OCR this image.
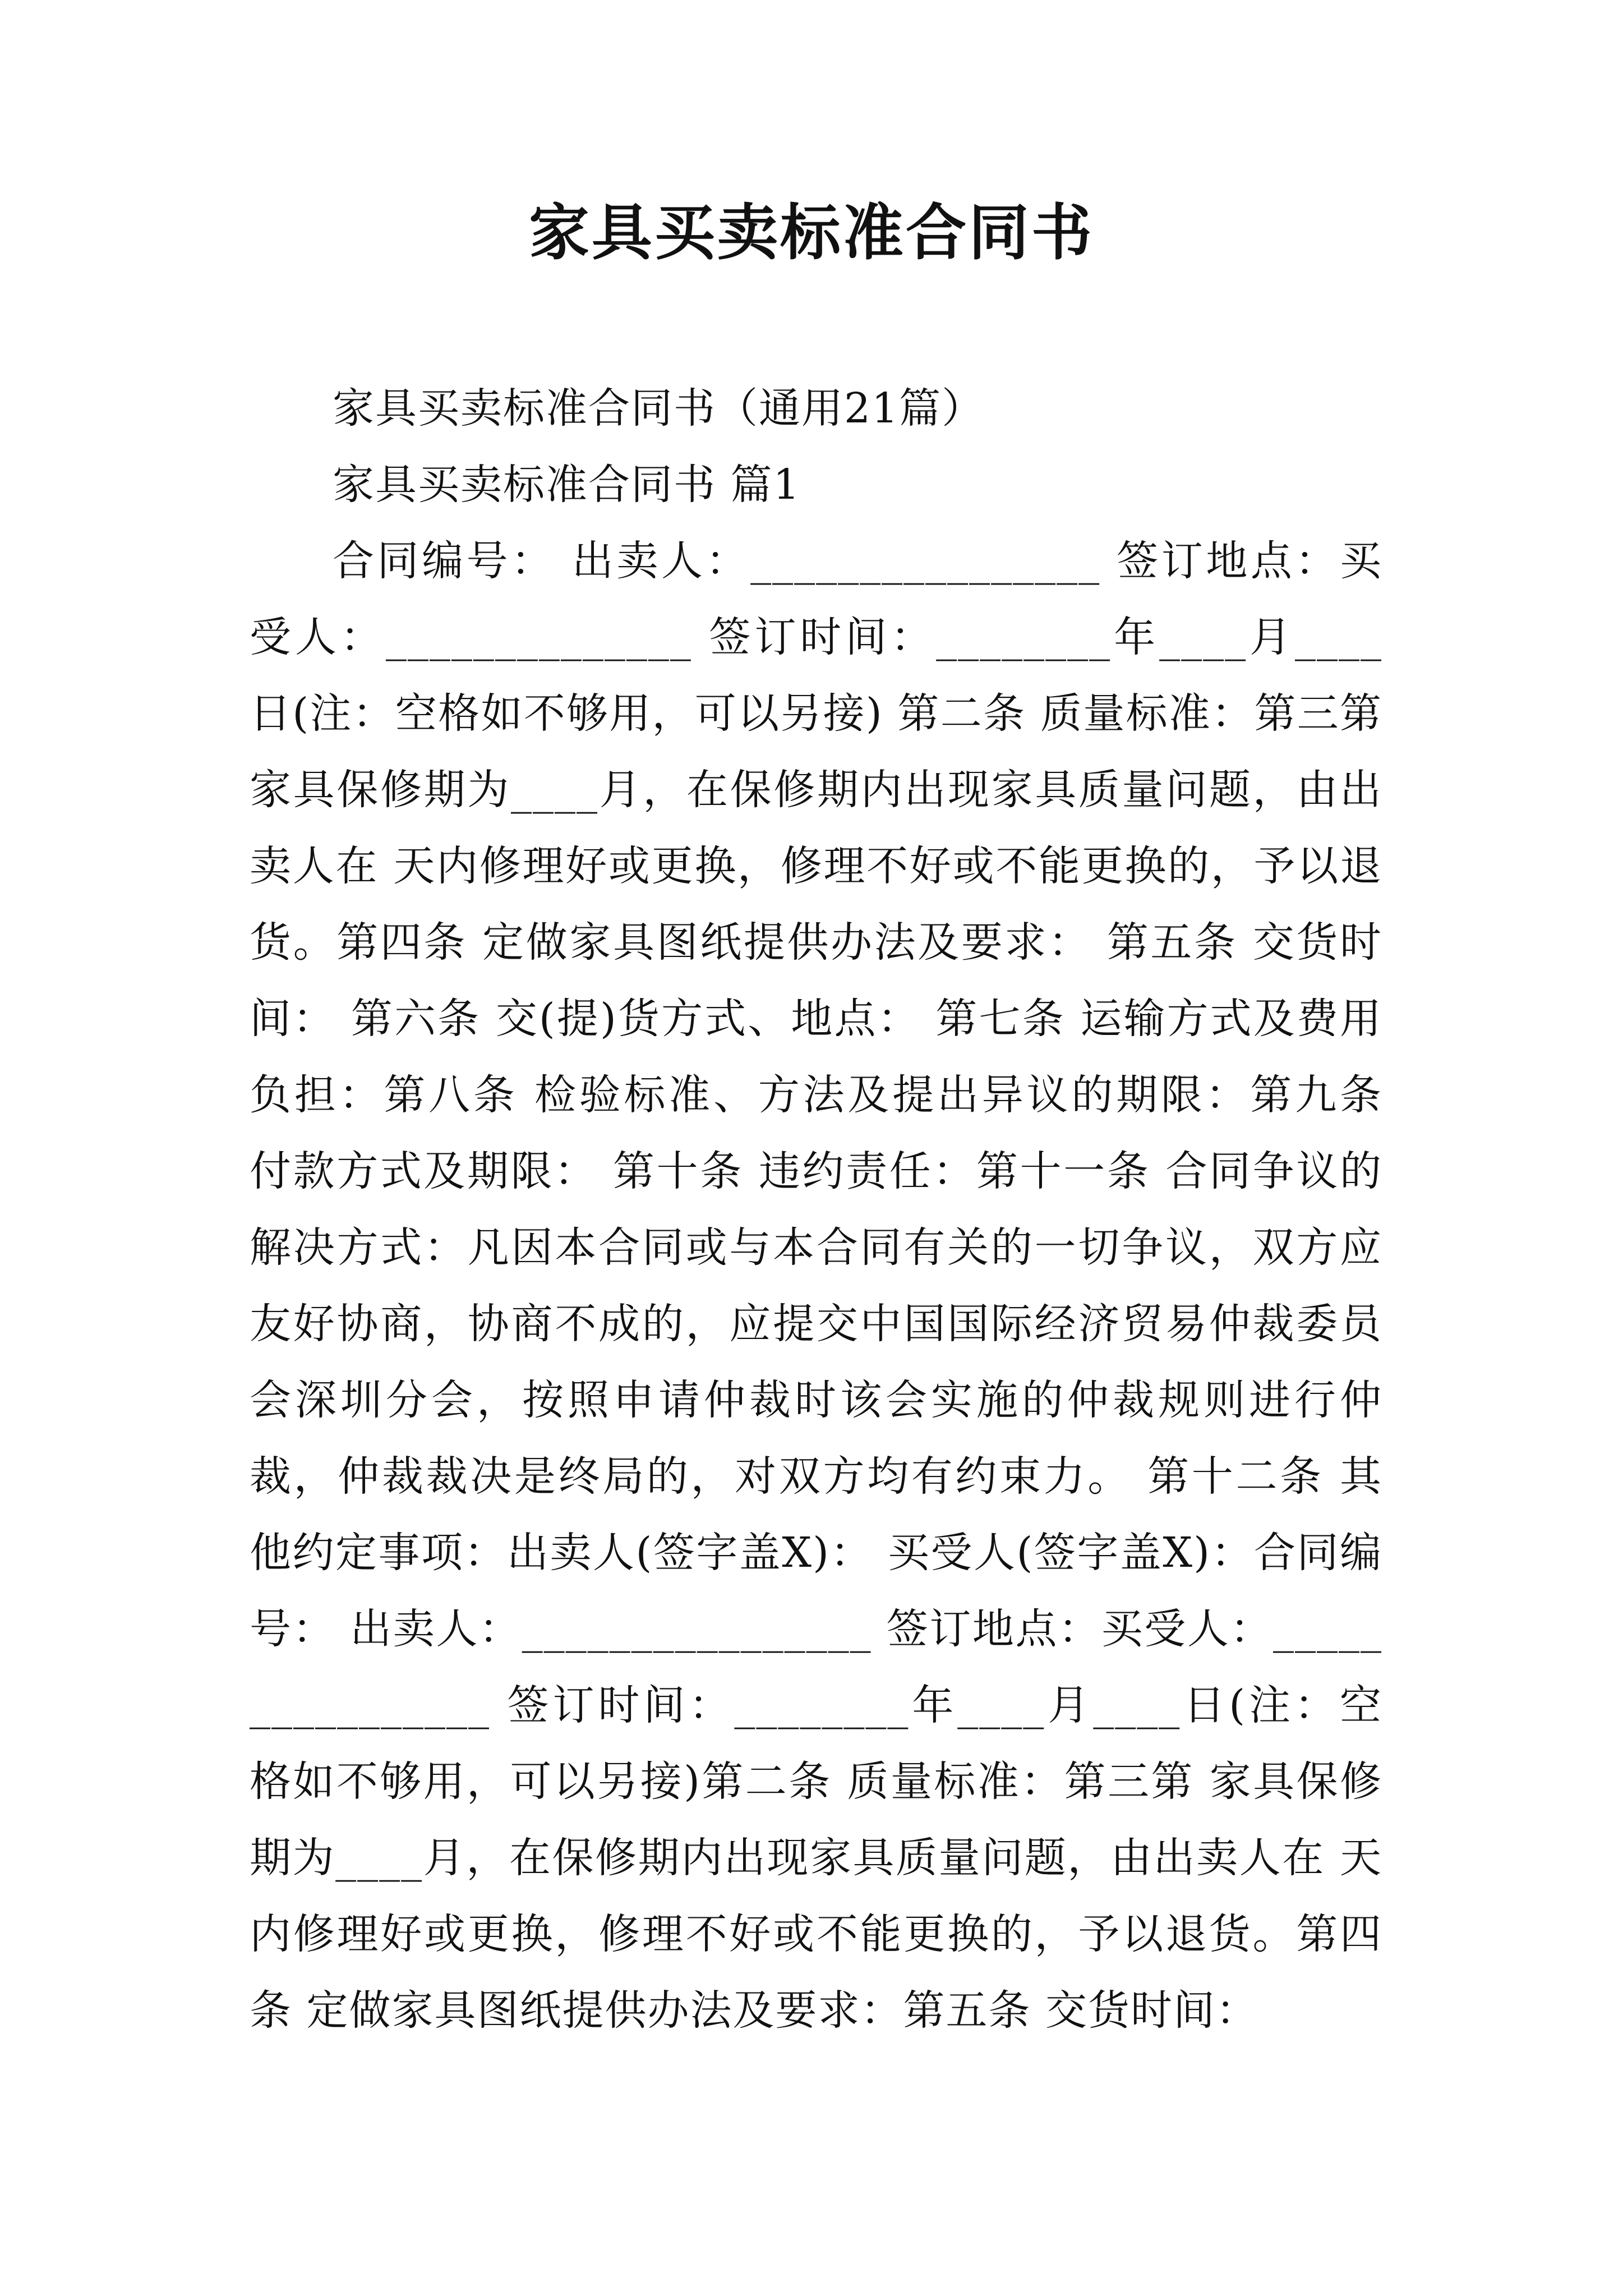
家具买卖标准合同书

家具买卖标准合同书（通用21篇）

家具买卖标准合同书 篇1

合同编号： 出卖人：________________ 签订地点：买受人：______________ 签订时间：________年____月____日(注：空格如不够用，可以另接) 第二条 质量标准：第三第 家具保修期为____月，在保修期内出现家具质量问题，由出卖人在 天内修理好或更换，修理不好或不能更换的，予以退货。第四条 定做家具图纸提供办法及要求： 第五条 交货时间： 第六条 交(提)货方式、地点： 第七条 运输方式及费用负担：第八条 检验标准、方法及提出异议的期限：第九条 付款方式及期限： 第十条 违约责任：第十一条 合同争议的解决方式：凡因本合同或与本合同有关的一切争议，双方应友好协商，协商不成的，应提交中国国际经济贸易仲裁委员会深圳分会，按照申请仲裁时该会实施的仲裁规则进行仲裁，仲裁裁决是终局的，对双方均有约束力。 第十二条 其他约定事项：出卖人(签字盖X)： 买受人(签字盖X)：合同编号： 出卖人：________________ 签订地点：买受人：________________ 签订时间：________年____月____日(注：空格如不够用，可以另接)第二条 质量标准：第三第 家具保修期为____月，在保修期内出现家具质量问题，由出卖人在 天内修理好或更换，修理不好或不能更换的，予以退货。第四条 定做家具图纸提供办法及要求：第五条 交货时间：
